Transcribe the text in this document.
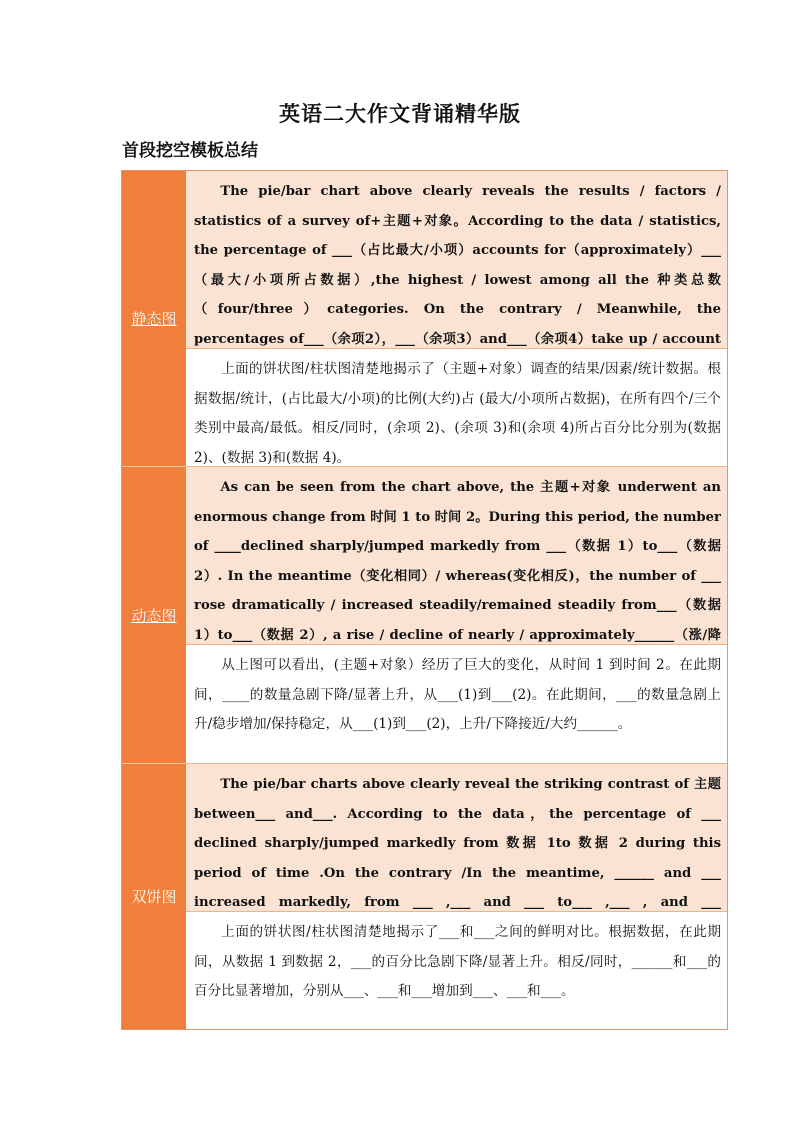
英语二大作文背诵精华版
首段挖空模板总结
静态图

The pie/bar chart above clearly reveals the results / factors / statistics of a survey of+主题+对象。According to the data / statistics, the percentage of ___（占比最大/小项）accounts for（approximately）___（最大/小项所占数据）,the highest / lowest among all the 种类总数（four/three）categories. On the contrary / Meanwhile, the percentages of___（余项2），___（余项3）and___（余项4）take up / account

上面的饼状图/柱状图清楚地揭示了（主题+对象）调查的结果/因素/统计数据。根据数据/统计，(占比最大/小项)的比例(大约)占 (最大/小项所占数据)，在所有四个/三个类别中最高/最低。相反/同时，(余项 2)、(余项 3)和(余项 4)所占百分比分别为(数据 2)、(数据 3)和(数据 4)。

动态图

As can be seen from the chart above, the 主题+对象 underwent an enormous change from 时间 1 to 时间 2。During this period, the number of ____declined sharply/jumped markedly from ___（数据 1）to___（数据 2）. In the meantime（变化相同）/ whereas(变化相反)，the number of ___ rose dramatically / increased steadily/remained steadily from___（数据 1）to___（数据 2）, a rise / decline of nearly / approximately______（涨/降

从上图可以看出，(主题+对象）经历了巨大的变化，从时间 1 到时间 2。在此期间，____的数量急剧下降/显著上升，从___(1)到___(2)。在此期间，___的数量急剧上升/稳步增加/保持稳定，从___(1)到___(2)，上升/下降接近/大约______。

双饼图

The pie/bar charts above clearly reveal the striking contrast of 主题 between___ and___. According to the data，the percentage of ___ declined sharply/jumped markedly from 数据 1to 数据 2 during this period of time .On the contrary /In the meantime, ______ and ___ increased markedly, from ___ ,___ and ___ to___ ,___ , and ___

上面的饼状图/柱状图清楚地揭示了___和___之间的鲜明对比。根据数据，在此期间，从数据 1 到数据 2，___的百分比急剧下降/显著上升。相反/同时，______和___的百分比显著增加，分别从___、___和___增加到___、___和___。
